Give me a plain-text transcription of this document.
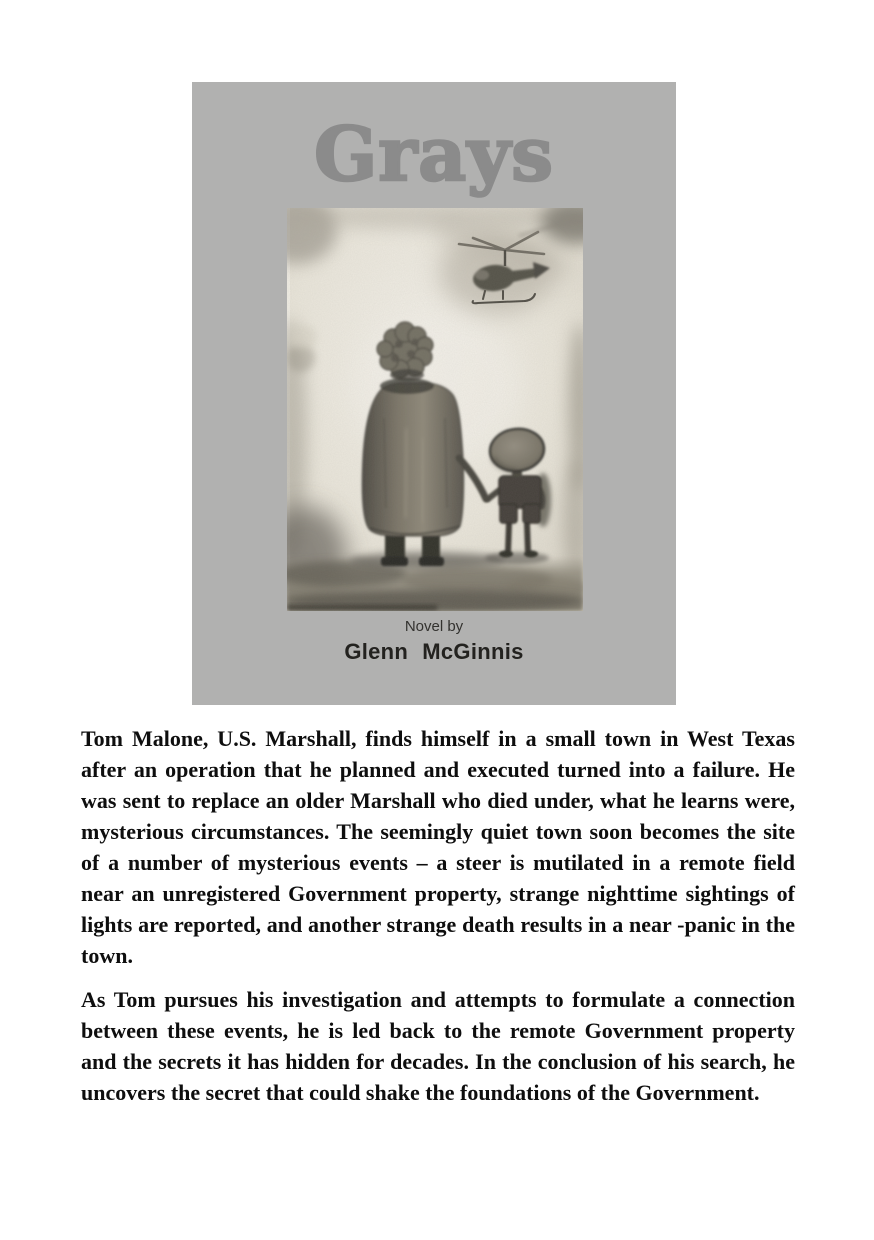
Grays
Novel by
Glenn McGinnis

Tom Malone, U.S. Marshall, finds himself in a small town in West Texas after an operation that he planned and executed turned into a failure. He was sent to replace an older Marshall who died under, what he learns were, mysterious circumstances. The seemingly quiet town soon becomes the site of a number of mysterious events – a steer is mutilated in a remote field near an unregistered Government property, strange nighttime sightings of lights are reported, and another strange death results in a near -panic in the town.

As Tom pursues his investigation and attempts to formulate a connection between these events, he is led back to the remote Government property and the secrets it has hidden for decades. In the conclusion of his search, he uncovers the secret that could shake the foundations of the Government.
